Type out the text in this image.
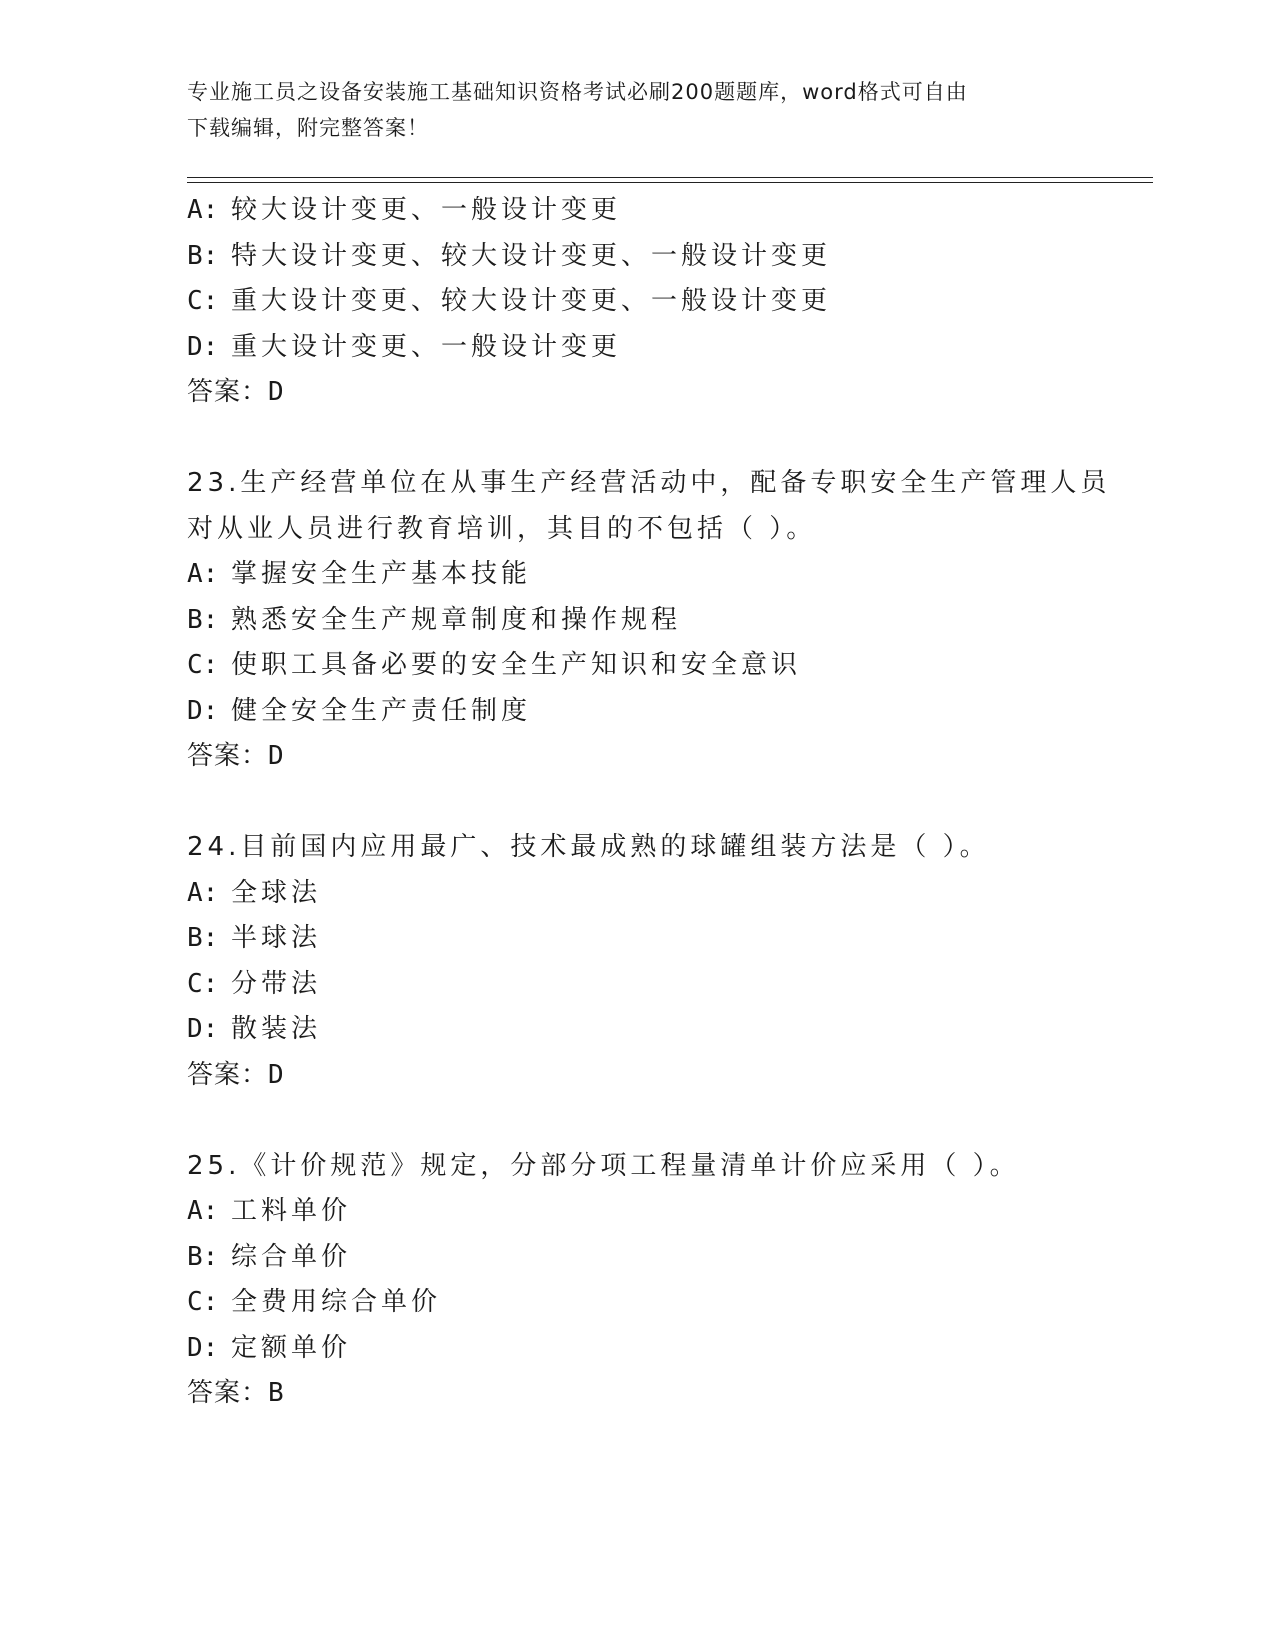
专业施工员之设备安装施工基础知识资格考试必刷200题题库，word格式可自由
下载编辑，附完整答案！
A: 较大设计变更、一般设计变更
B: 特大设计变更、较大设计变更、一般设计变更
C: 重大设计变更、较大设计变更、一般设计变更
D: 重大设计变更、一般设计变更
答案：D
23.生产经营单位在从事生产经营活动中，配备专职安全生产管理人员
对从业人员进行教育培训，其目的不包括（ ）。
A: 掌握安全生产基本技能
B: 熟悉安全生产规章制度和操作规程
C: 使职工具备必要的安全生产知识和安全意识
D: 健全安全生产责任制度
答案：D
24.目前国内应用最广、技术最成熟的球罐组装方法是（ ）。
A: 全球法
B: 半球法
C: 分带法
D: 散装法
答案：D
25.《计价规范》规定，分部分项工程量清单计价应采用（ ）。
A: 工料单价
B: 综合单价
C: 全费用综合单价
D: 定额单价
答案：B
